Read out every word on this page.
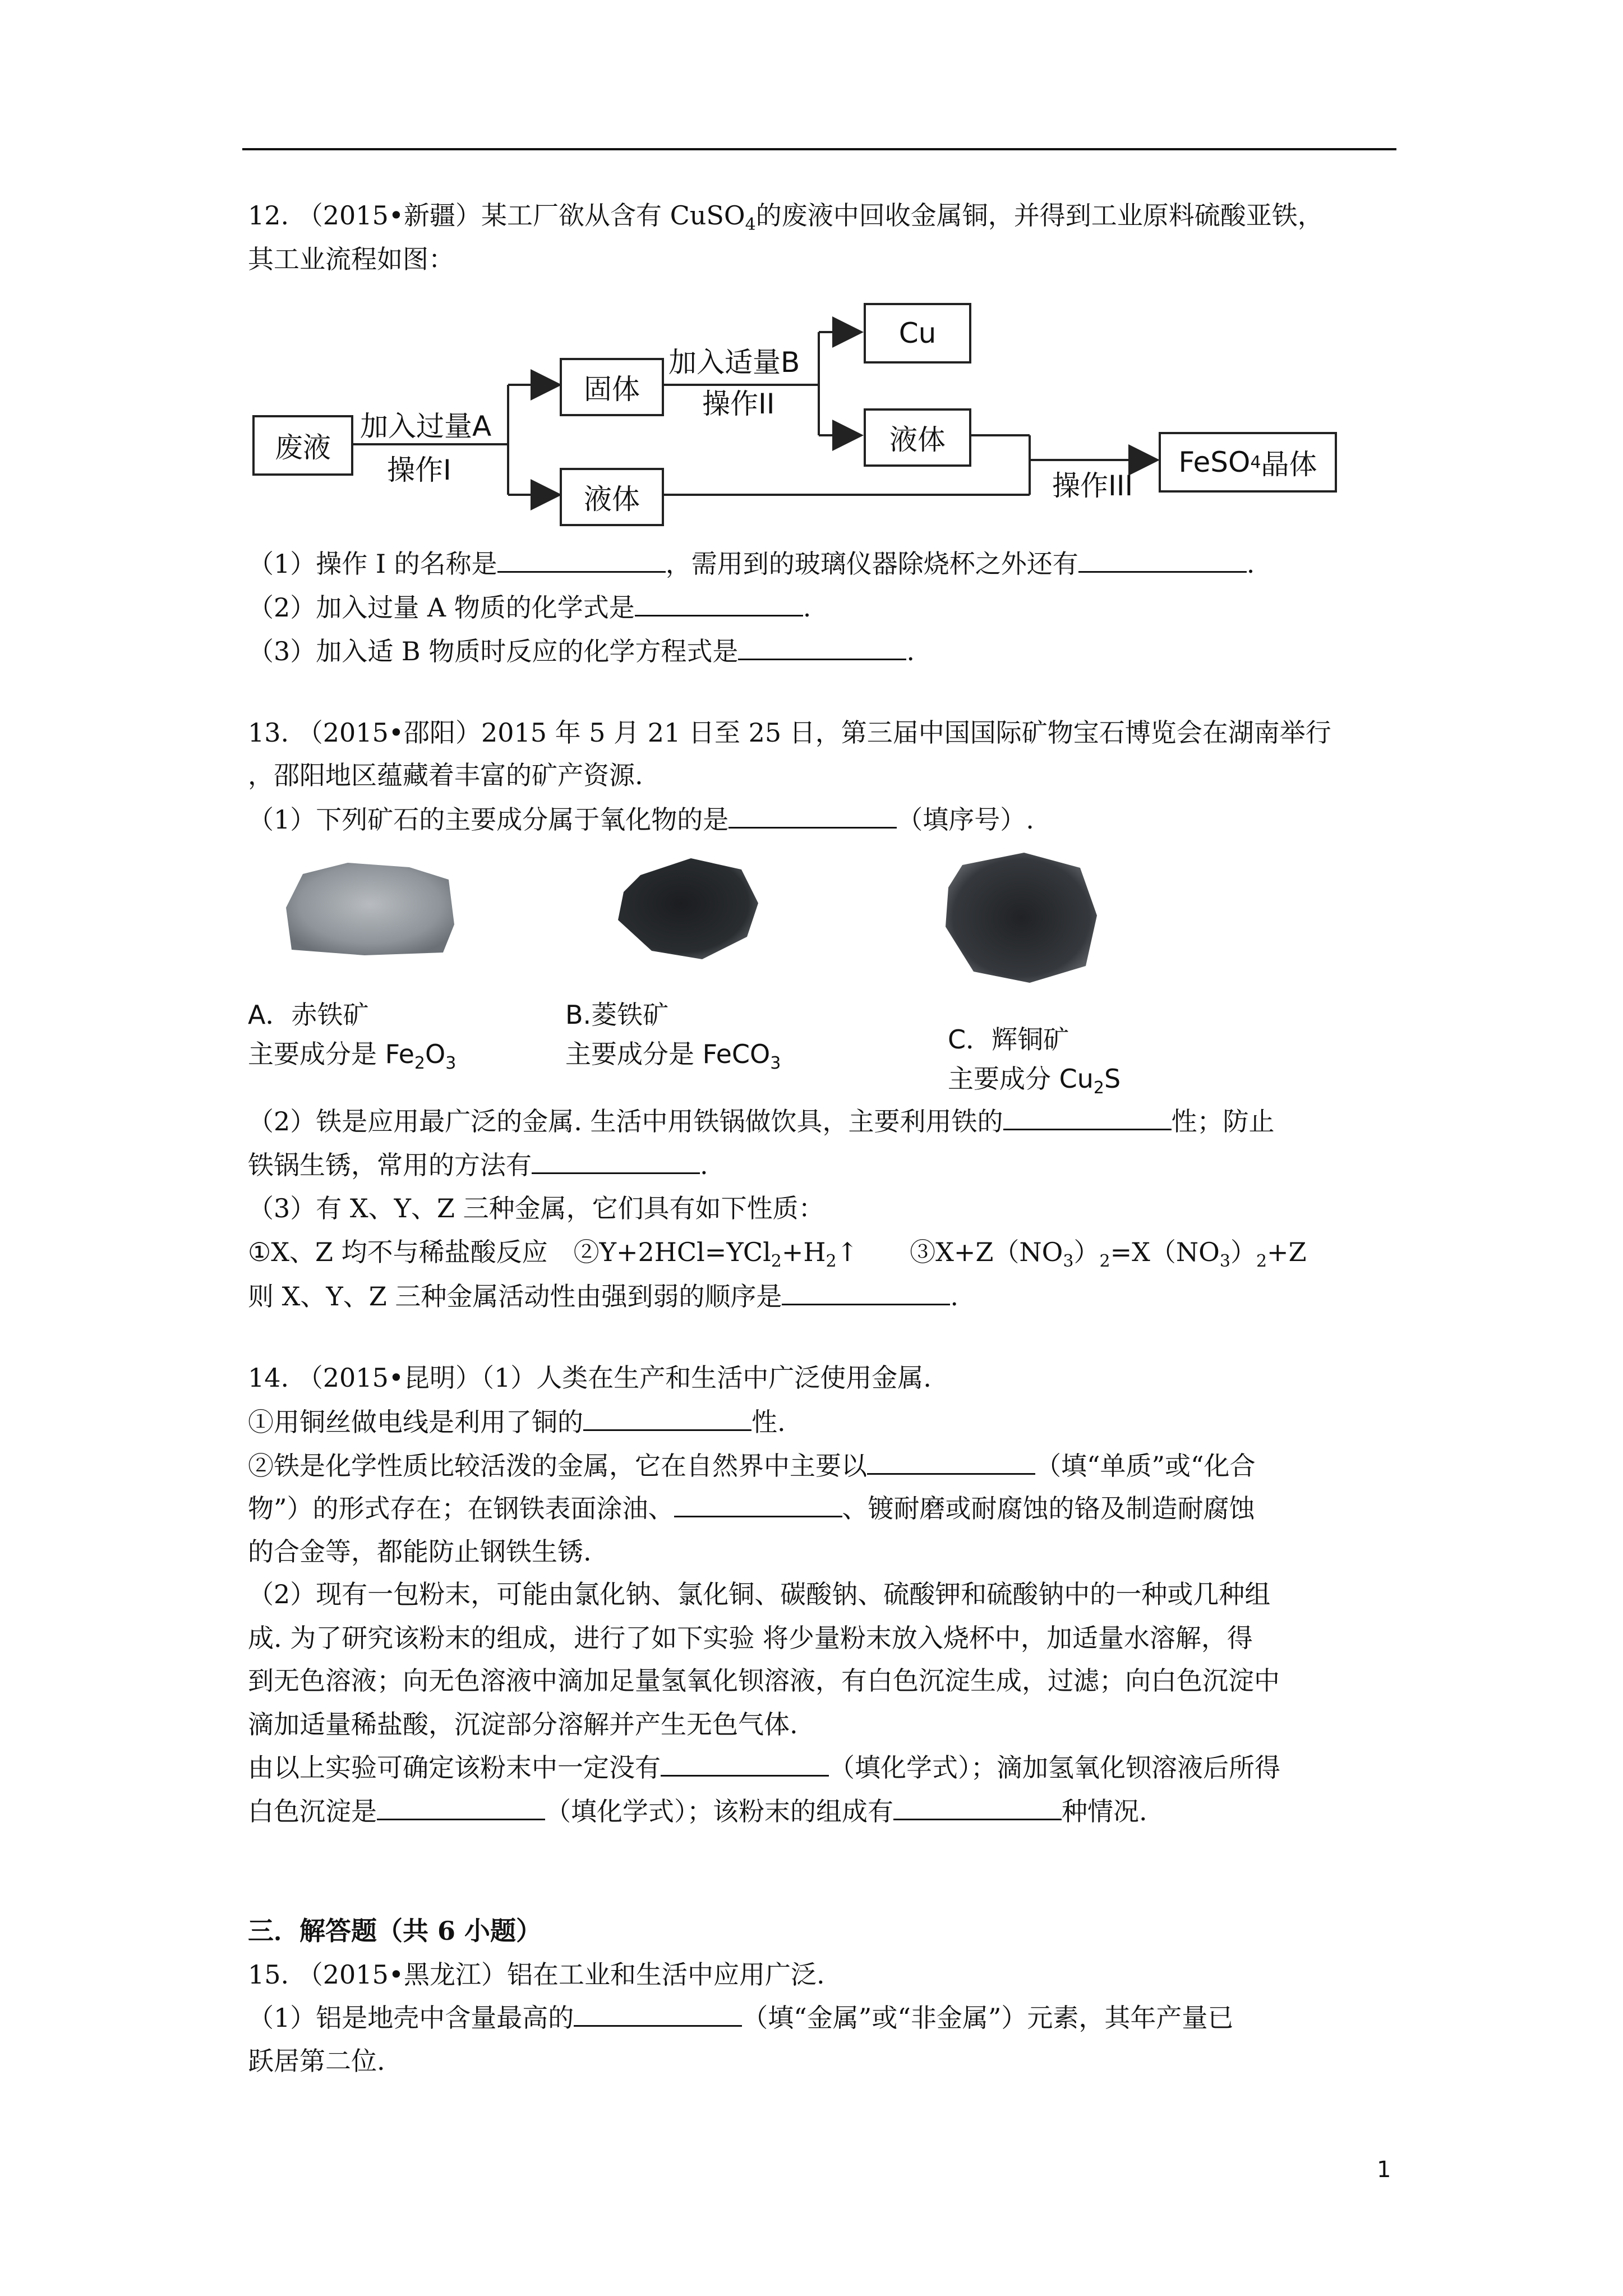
12. （2015•新疆）某工厂欲从含有 CuSO$_4$的废液中回收金属铜，并得到工业原料硫酸亚铁，
其工业流程如图：
废液
加入过量A
操作I
固体
液体
加入适量B
操作II
Cu
液体
操作III
FeSO 4 晶体
（1）操作 I 的名称是	，需用到的玻璃仪器除烧杯之外还有	.
（2）加入过量 A 物质的化学式是	.
（3）加入适 B 物质时反应的化学方程式是	.
13. （2015•邵阳）2015 年 5 月 21 日至 25 日，第三届中国国际矿物宝石博览会在湖南举行
，邵阳地区蕴藏着丰富的矿产资源.
（1）下列矿石的主要成分属于氧化物的是	（填序号）.
A．赤铁矿
主要成分是 $Fe_2O_3$
B.菱铁矿
主要成分是 FeCO$_3$
C．辉铜矿
主要成分 $Cu_2S$
（2）铁是应用最广泛的金属. 生活中用铁锅做饮具，主要利用铁的	性；防止
铁锅生锈，常用的方法有	.
（3）有 X、Y、Z 三种金属，它们具有如下性质：
①X、Z 均不与稀盐酸反应　$②Y+2HCl=YCl_2+H_2↑$　　$③X+Z(NO_3)_2=X(NO_3)_2+Z$
则 X、Y、Z 三种金属活动性由强到弱的顺序是	.
14. （2015•昆明）（1）人类在生产和生活中广泛使用金属.
①用铜丝做电线是利用了铜的	性.
②铁是化学性质比较活泼的金属，它在自然界中主要以	（填“单质”或“化合
物”）的形式存在；在钢铁表面涂油、	、镀耐磨或耐腐蚀的铬及制造耐腐蚀
的合金等，都能防止钢铁生锈.
（2）现有一包粉末，可能由氯化钠、氯化铜、碳酸钠、硫酸钾和硫酸钠中的一种或几种组
成. 为了研究该粉末的组成，进行了如下实验 将少量粉末放入烧杯中，加适量水溶解，得
到无色溶液；向无色溶液中滴加足量氢氧化钡溶液，有白色沉淀生成，过滤；向白色沉淀中
滴加适量稀盐酸，沉淀部分溶解并产生无色气体.
由以上实验可确定该粉末中一定没有	（填化学式）；滴加氢氧化钡溶液后所得
白色沉淀是	（填化学式）；该粉末的组成有	种情况.
三．解答题（共 6 小题）
15. （2015•黑龙江）铝在工业和生活中应用广泛.
（1）铝是地壳中含量最高的	（填“金属”或“非金属”）元素，其年产量已
跃居第二位.
1
